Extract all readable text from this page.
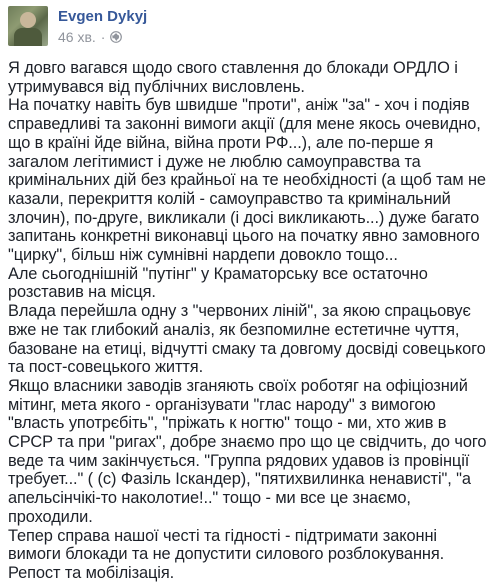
Evgen Dykyj
46 хв. ·

Я довго вагався щодо свого ставлення до блокади ОРДЛО і утримувався від публічних висловлень.

На початку навіть був швидше "проти", аніж "за" - хоч і подіяв справедливі та законні вимоги акції (для мене якось очевидно, що в країні йде війна, війна проти РФ...), але по-перше я загалом легітимист і дуже не люблю самоуправства та кримінальних дій без крайньої на те необхідності (а щоб там не казали, перекриття колій - самоуправство та кримінальний злочин), по-друге, викликали (і досі викликають...) дуже багато запитань конкретні виконавці цього на початку явно замовного "цирку", більш ніж сумнівні нардепи довокло тощо...

Але сьогоднішній "путінг" у Краматорську все остаточно розставив на місця.

Влада перейшла одну з "червоних ліній", за якою спрацьовує вже не так глибокий аналіз, як безпомилне естетичне чуття, базоване на етиці, відчутті смаку та довгому досвіді совецького та пост-совецького життя.

Якщо власники заводів зганяють своїх роботяг на офіціозний мітинг, мета якого - організувати "глас народу" з вимогою "власть употрєбіть", "пріжать к ногтю" тощо - ми, хто жив в СРСР та при "ригах", добре знаємо про що це свідчить, до чого веде та чим закінчується. "Группа рядових удавов із провінції требует..." ( (с) Фазіль Іскандер), "пятихвилинка ненависті", "а апельсінчікі-то наколотие!.." тощо - ми все це знаємо, проходили.

Тепер справа нашої честі та гідності - підтримати законні вимоги блокади та не допустити силового розблокування.

Репост та мобілізація.
